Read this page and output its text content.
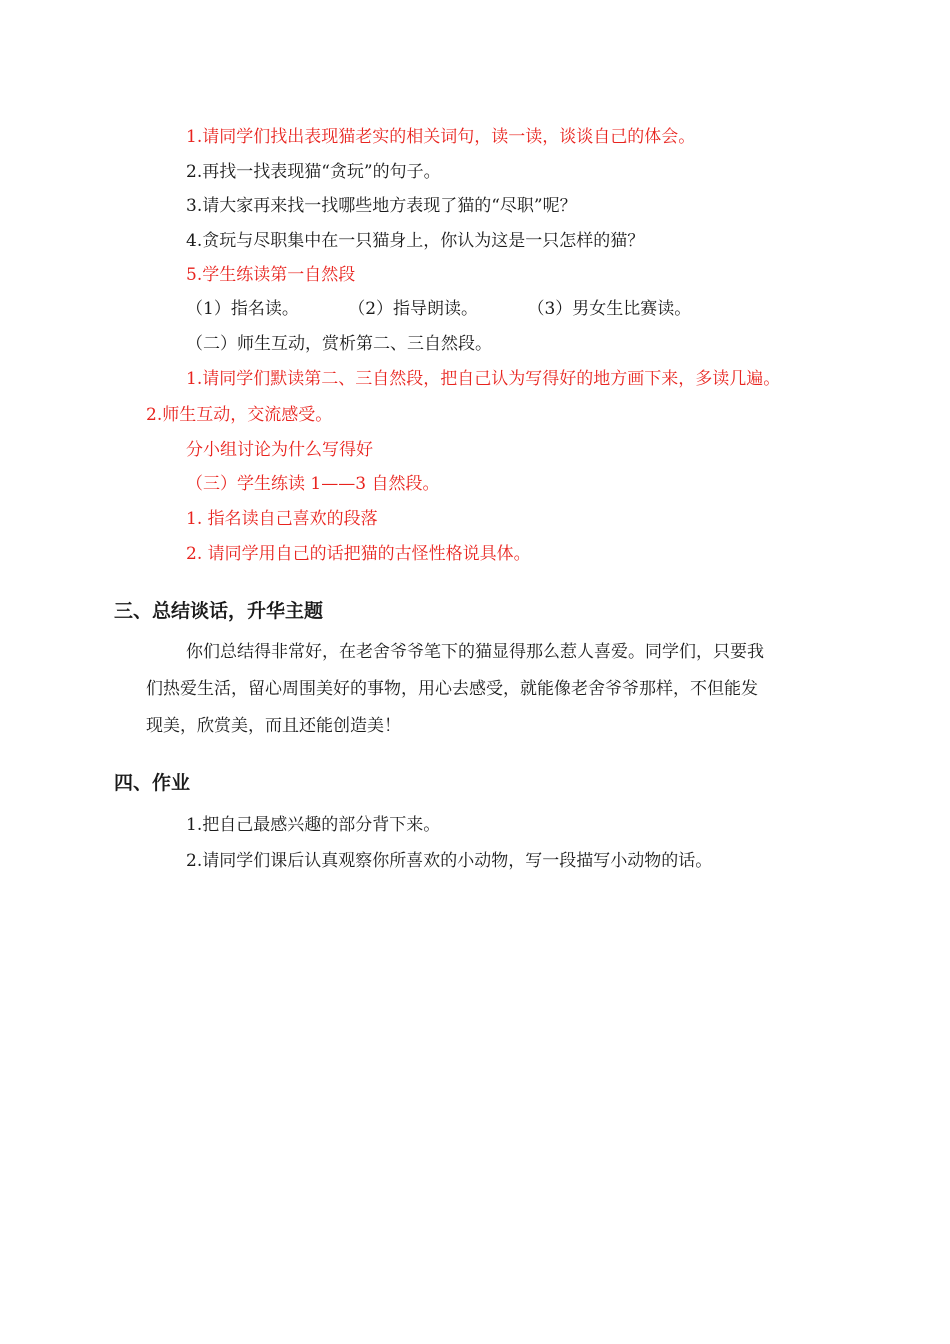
1.请同学们找出表现猫老实的相关词句，读一读，谈谈自己的体会。
2.再找一找表现猫“贪玩”的句子。
3.请大家再来找一找哪些地方表现了猫的“尽职”呢？
4.贪玩与尽职集中在一只猫身上，你认为这是一只怎样的猫？
5.学生练读第一自然段
（1）指名读。	（2）指导朗读。	（3）男女生比赛读。
（二）师生互动，赏析第二、三自然段。
1.请同学们默读第二、三自然段，把自己认为写得好的地方画下来，多读几遍。
2.师生互动，交流感受。
分小组讨论为什么写得好
（三）学生练读 1——3 自然段。
1. 指名读自己喜欢的段落
2. 请同学用自己的话把猫的古怪性格说具体。
三、总结谈话，升华主题
你们总结得非常好，在老舍爷爷笔下的猫显得那么惹人喜爱。同学们，只要我
们热爱生活，留心周围美好的事物，用心去感受，就能像老舍爷爷那样，不但能发
现美，欣赏美，而且还能创造美！
四、作业
1.把自己最感兴趣的部分背下来。
2.请同学们课后认真观察你所喜欢的小动物，写一段描写小动物的话。
